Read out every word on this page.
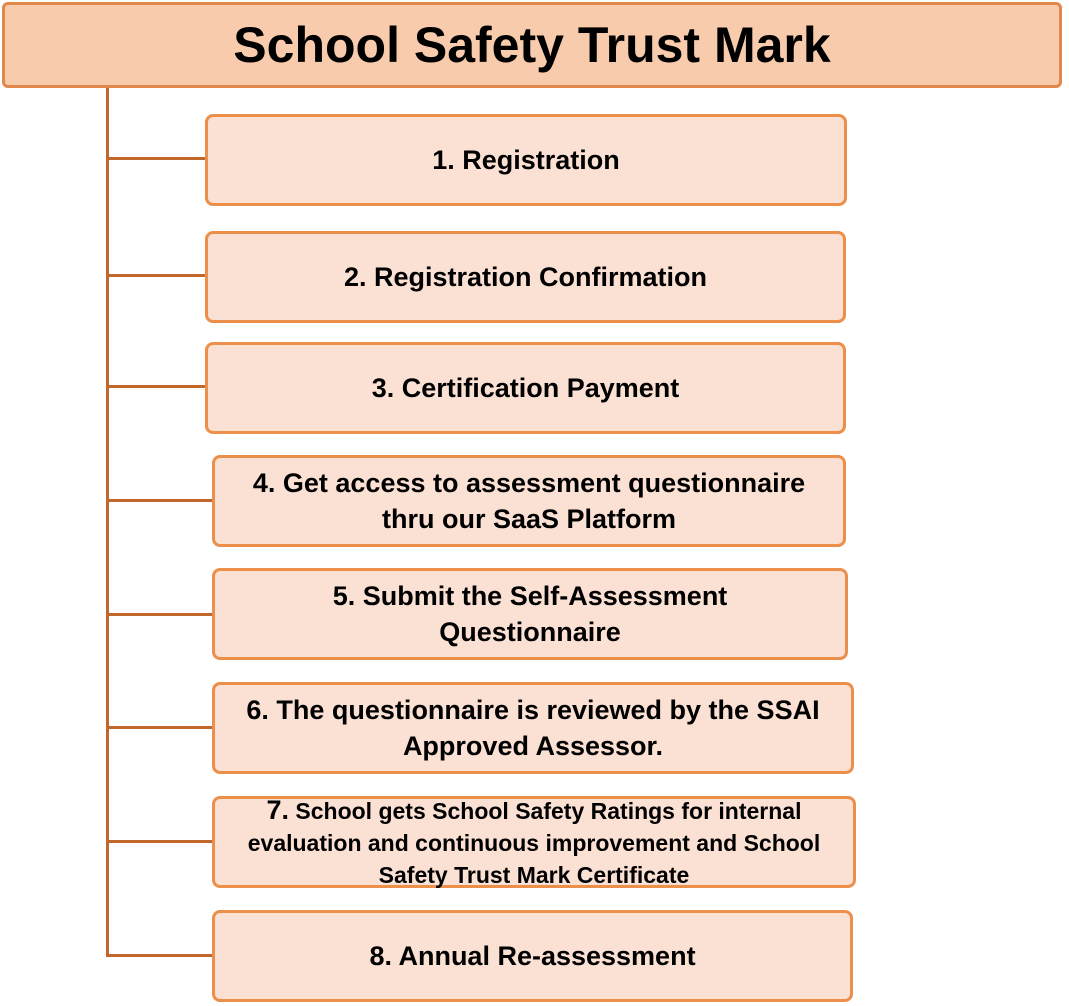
School Safety Trust Mark
1. Registration
2. Registration Confirmation
3. Certification Payment
4. Get access to assessment questionnaire
thru our SaaS Platform
5. Submit the Self-Assessment
Questionnaire
6. The questionnaire is reviewed by the SSAI
Approved Assessor.
7. School gets School Safety Ratings for internal
evaluation and continuous improvement and School
Safety Trust Mark Certificate
8. Annual Re-assessment
